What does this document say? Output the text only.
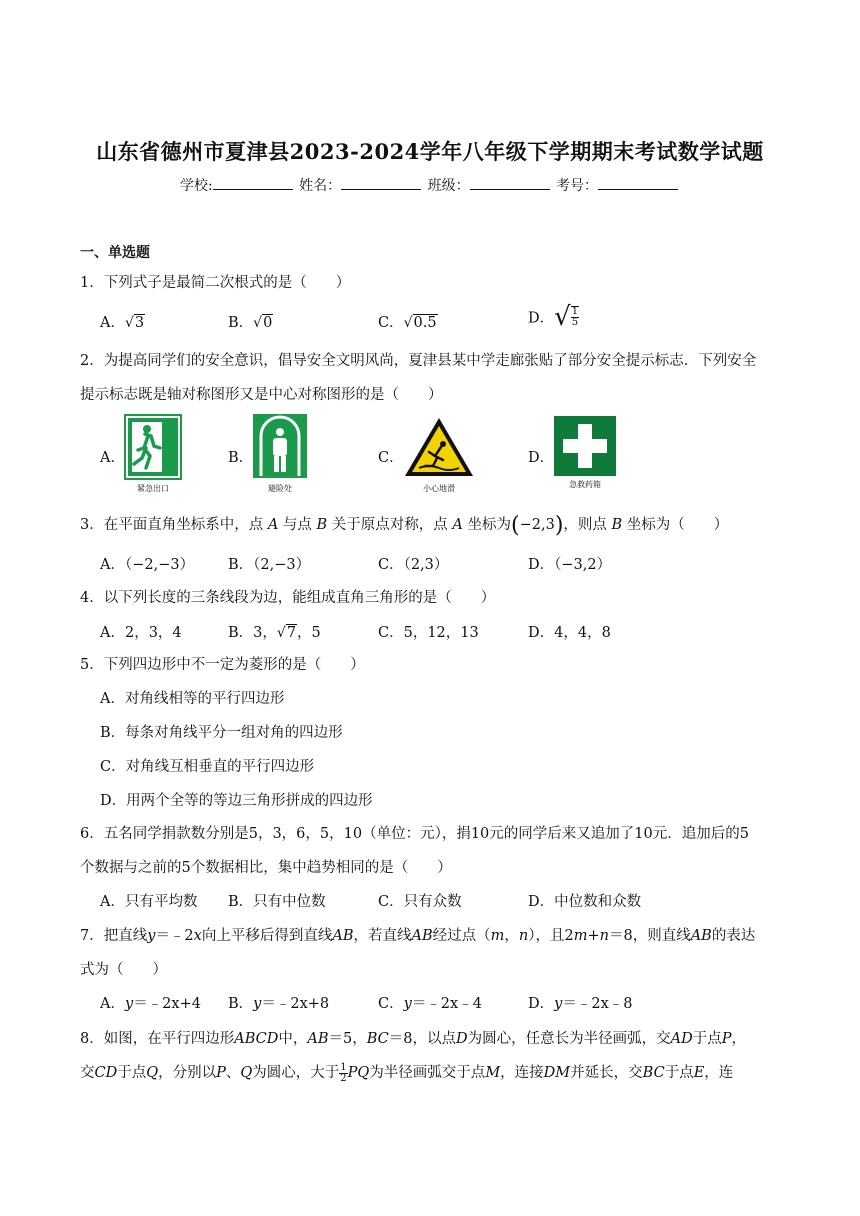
山东省德州市夏津县2023-2024学年八年级下学期期末考试数学试题
学校:	姓名：	班级：	考号：
一、单选题
1．下列式子是最简二次根式的是（　　）
A．√3	B．√0	C．√0.5	D．√ $\frac{1}{5}$
2．为提高同学们的安全意识，倡导安全文明风尚，夏津县某中学走廊张贴了部分安全提示标志．下列安全
提示标志既是轴对称图形又是中心对称图形的是（　　）
A．
紧急出口
B．
避险处
C．
小心地滑
D．
急救药箱
3．在平面直角坐标系中，点 A 与点 B 关于原点对称，点 A 坐标为(−2,3)，则点 B 坐标为（　　）
A．（−2,−3） B．（2,−3）	C．（2,3）	D．（−3,2）
4．以下列长度的三条线段为边，能组成直角三角形的是（　　）
A．2，3，4	B．3，√7，5	C．5，12，13	D．4，4，8
5．下列四边形中不一定为菱形的是（　　）
A．对角线相等的平行四边形
B．每条对角线平分一组对角的四边形
C．对角线互相垂直的平行四边形
D．用两个全等的等边三角形拼成的四边形
6．五名同学捐款数分别是5，3，6，5，10（单位：元），捐10元的同学后来又追加了10元．追加后的5
个数据与之前的5个数据相比，集中趋势相同的是（　　）
A．只有平均数 B．只有中位数	C．只有众数	D．中位数和众数
7．把直线y＝﹣2x向上平移后得到直线AB，若直线AB经过点（m，n），且2m+n＝8，则直线AB的表达
式为（　　）
A．y＝﹣2x+4 B．y＝﹣2x+8	C．y＝﹣2x﹣4	D．y＝﹣2x﹣8
8．如图，在平行四边形ABCD中，AB＝5，BC＝8，以点D为圆心，任意长为半径画弧，交AD于点P，
交CD于点Q，分别以P、Q为圆心，大于 $\frac{1}{2}$ PQ为半径画弧交于点M，连接DM并延长，交BC于点E，连
